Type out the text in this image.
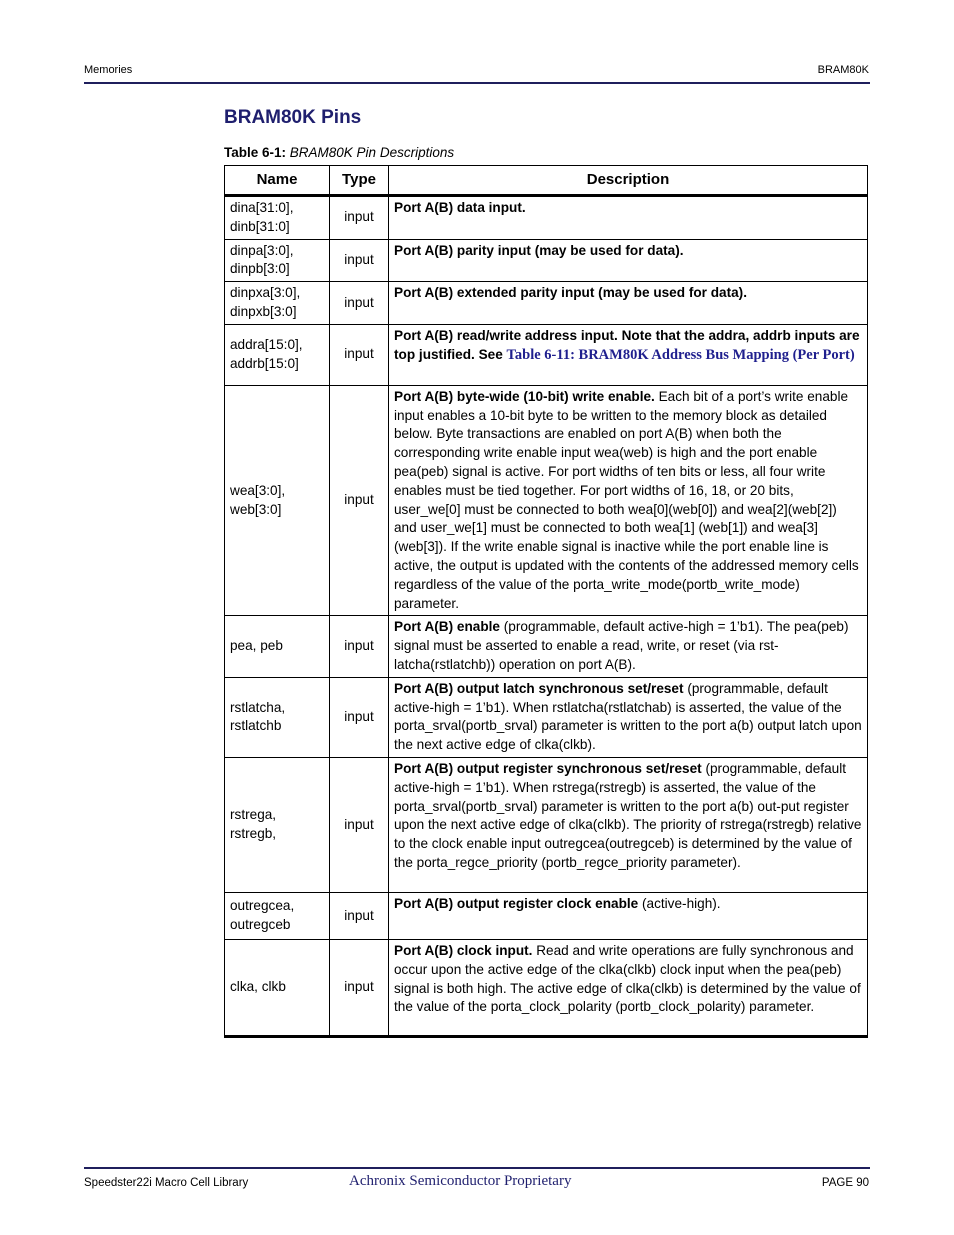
Memories	BRAM80K
BRAM80K Pins
Table 6-1: BRAM80K Pin Descriptions
Name	Type	Description

dina[31:0],
dinb[31:0]	input	Port A(B) data input.

dinpa[3:0],
dinpb[3:0]	input	Port A(B) parity input (may be used for data).

dinpxa[3:0],
dinpxb[3:0]	input	Port A(B) extended parity input (may be used for data).

addra[15:0],
addrb[15:0]	input	Port A(B) read/write address input. Note that the addra, addrb inputs are top justified. See Table 6-11: BRAM80K Address Bus Mapping (Per Port)

wea[3:0],
web[3:0]	input	Port A(B) byte-wide (10-bit) write enable. Each bit of a port’s write enable input enables a 10-bit byte to be written to the memory block as detailed below. Byte transactions are enabled on port A(B) when both the corresponding write enable input wea(web) is high and the port enable pea(peb) signal is active. For port widths of ten bits or less, all four write enables must be tied together. For port widths of 16, 18, or 20 bits, user_we[0] must be connected to both wea[0](web[0]) and wea[2](web[2]) and user_we[1] must be connected to both wea[1] (web[1]) and wea[3](web[3]). If the write enable signal is inactive while the port enable line is active, the output is updated with the contents of the addressed memory cells regardless of the value of the porta_write_mode(portb_write_mode) parameter.

pea, peb	input	Port A(B) enable (programmable, default active-high = 1’b1). The pea(peb) signal must be asserted to enable a read, write, or reset (via rst-latcha(rstlatchb)) operation on port A(B).

rstlatcha,
rstlatchb	input	Port A(B) output latch synchronous set/reset (programmable, default active-high = 1’b1). When rstlatcha(rstlatchab) is asserted, the value of the porta_srval(portb_srval) parameter is written to the port a(b) output latch upon the next active edge of clka(clkb).

rstrega,
rstregb,	input	Port A(B) output register synchronous set/reset (programmable, default active-high = 1’b1). When rstrega(rstregb) is asserted, the value of the porta_srval(portb_srval) parameter is written to the port a(b) out-put register upon the next active edge of clka(clkb). The priority of rstrega(rstregb) relative to the clock enable input outregcea(outregceb) is determined by the value of the porta_regce_priority (portb_regce_priority parameter).

outregcea,
outregceb	input	Port A(B) output register clock enable (active-high).

clka, clkb	input	Port A(B) clock input. Read and write operations are fully synchronous and occur upon the active edge of the clka(clkb) clock input when the pea(peb) signal is both high. The active edge of clka(clkb) is determined by the value of the value of the porta_clock_polarity (portb_clock_polarity) parameter.
Speedster22i Macro Cell Library	Achronix Semiconductor Proprietary	PAGE 90
